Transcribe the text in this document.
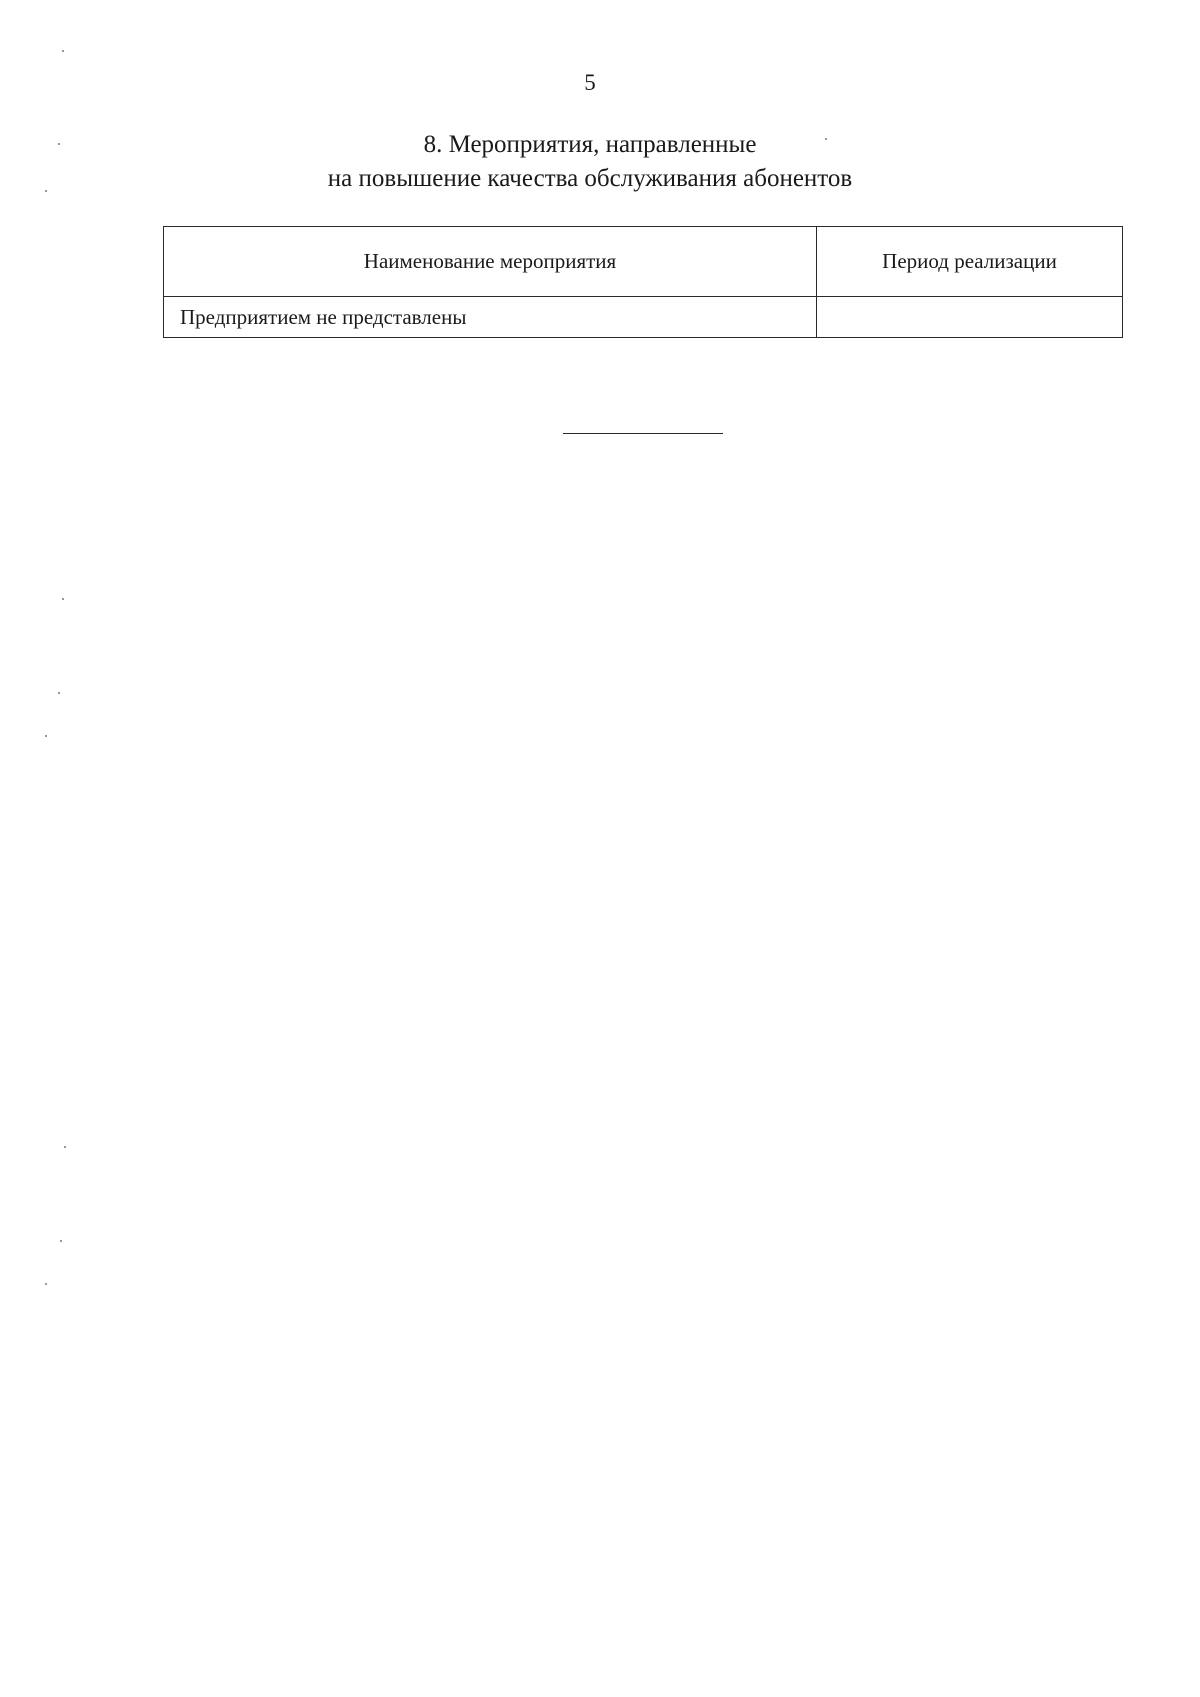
5
8. Мероприятия, направленные
на повышение качества обслуживания абонентов
Наименование мероприятия	Период реализации
Предприятием не представлены	
